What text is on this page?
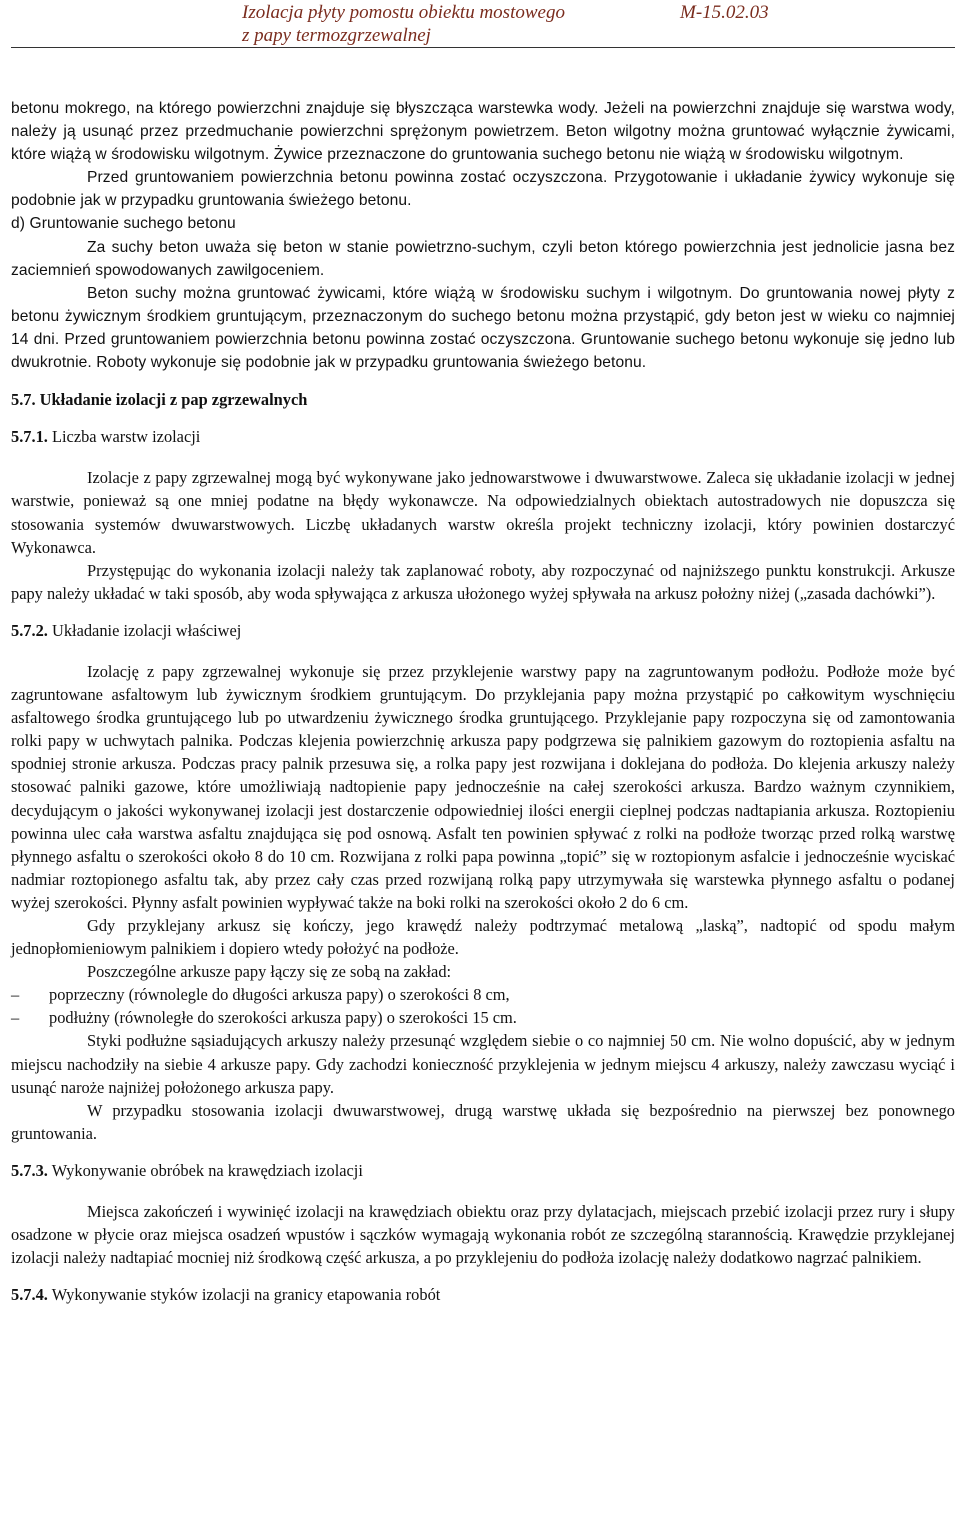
Izolacja płyty pomostu obiektu mostowego	M-15.02.03
z papy termozgrzewalnej

betonu mokrego, na którego powierzchni znajduje się błyszcząca warstewka wody. Jeżeli na powierzchni znajduje się warstwa wody, należy ją usunąć przez przedmuchanie powierzchni sprężonym powietrzem. Beton wilgotny można gruntować wyłącznie żywicami, które wiążą w środowisku wilgotnym. Żywice przeznaczone do gruntowania suchego betonu nie wiążą w środowisku wilgotnym.

Przed gruntowaniem powierzchnia betonu powinna zostać oczyszczona. Przygotowanie i układanie żywicy wykonuje się podobnie jak w przypadku gruntowania świeżego betonu.

d) Gruntowanie suchego betonu

Za suchy beton uważa się beton w stanie powietrzno-suchym, czyli beton którego powierzchnia jest jednolicie jasna bez zaciemnień spowodowanych zawilgoceniem.

Beton suchy można gruntować żywicami, które wiążą w środowisku suchym i wilgotnym. Do gruntowania nowej płyty z betonu żywicznym środkiem gruntującym, przeznaczonym do suchego betonu można przystąpić, gdy beton jest w wieku co najmniej 14 dni. Przed gruntowaniem powierzchnia betonu powinna zostać oczyszczona. Gruntowanie suchego betonu wykonuje się jedno lub dwukrotnie. Roboty wykonuje się podobnie jak w przypadku gruntowania świeżego betonu.

5.7. Układanie izolacji z pap zgrzewalnych

5.7.1. Liczba warstw izolacji

Izolacje z papy zgrzewalnej mogą być wykonywane jako jednowarstwowe i dwuwarstwowe. Zaleca się układanie izolacji w jednej warstwie, ponieważ są one mniej podatne na błędy wykonawcze. Na odpowiedzialnych obiektach autostradowych nie dopuszcza się stosowania systemów dwuwarstwowych. Liczbę układanych warstw określa projekt techniczny izolacji, który powinien dostarczyć Wykonawca.

Przystępując do wykonania izolacji należy tak zaplanować roboty, aby rozpoczynać od najniższego punktu konstrukcji. Arkusze papy należy układać w taki sposób, aby woda spływająca z arkusza ułożonego wyżej spływała na arkusz położny niżej („zasada dachówki”).

5.7.2. Układanie izolacji właściwej

Izolację z papy zgrzewalnej wykonuje się przez przyklejenie warstwy papy na zagruntowanym podłożu. Podłoże może być zagruntowane asfaltowym lub żywicznym środkiem gruntującym. Do przyklejania papy można przystąpić po całkowitym wyschnięciu asfaltowego środka gruntującego lub po utwardzeniu żywicznego środka gruntującego. Przyklejanie papy rozpoczyna się od zamontowania rolki papy w uchwytach palnika. Podczas klejenia powierzchnię arkusza papy podgrzewa się palnikiem gazowym do roztopienia asfaltu na spodniej stronie arkusza. Podczas pracy palnik przesuwa się, a rolka papy jest rozwijana i doklejana do podłoża. Do klejenia arkuszy należy stosować palniki gazowe, które umożliwiają nadtopienie papy jednocześnie na całej szerokości arkusza. Bardzo ważnym czynnikiem, decydującym o jakości wykonywanej izolacji jest dostarczenie odpowiedniej ilości energii cieplnej podczas nadtapiania arkusza. Roztopieniu powinna ulec cała warstwa asfaltu znajdująca się pod osnową. Asfalt ten powinien spływać z rolki na podłoże tworząc przed rolką warstwę płynnego asfaltu o szerokości około 8 do 10 cm. Rozwijana z rolki papa powinna „topić” się w roztopionym asfalcie i jednocześnie wyciskać nadmiar roztopionego asfaltu tak, aby przez cały czas przed rozwijaną rolką papy utrzymywała się warstewka płynnego asfaltu o podanej wyżej szerokości. Płynny asfalt powinien wypływać także na boki rolki na szerokości około 2 do 6 cm.

Gdy przyklejany arkusz się kończy, jego krawędź należy podtrzymać metalową „laską”, nadtopić od spodu małym jednopłomieniowym palnikiem i dopiero wtedy położyć na podłoże.

Poszczególne arkusze papy łączy się ze sobą na zakład:

–	poprzeczny (równolegle do długości arkusza papy) o szerokości 8 cm,
–	podłużny (równoległe do szerokości arkusza papy) o szerokości 15 cm.

Styki podłużne sąsiadujących arkuszy należy przesunąć względem siebie o co najmniej 50 cm. Nie wolno dopuścić, aby w jednym miejscu nachodziły na siebie 4 arkusze papy. Gdy zachodzi konieczność przyklejenia w jednym miejscu 4 arkuszy, należy zawczasu wyciąć i usunąć naroże najniżej położonego arkusza papy.

W przypadku stosowania izolacji dwuwarstwowej, drugą warstwę układa się bezpośrednio na pierwszej bez ponownego gruntowania.

5.7.3. Wykonywanie obróbek na krawędziach izolacji

Miejsca zakończeń i wywinięć izolacji na krawędziach obiektu oraz przy dylatacjach, miejscach przebić izolacji przez rury i słupy osadzone w płycie oraz miejsca osadzeń wpustów i sączków wymagają wykonania robót ze szczególną starannością. Krawędzie przyklejanej izolacji należy nadtapiać mocniej niż środkową część arkusza, a po przyklejeniu do podłoża izolację należy dodatkowo nagrzać palnikiem.

5.7.4. Wykonywanie styków izolacji na granicy etapowania robót
